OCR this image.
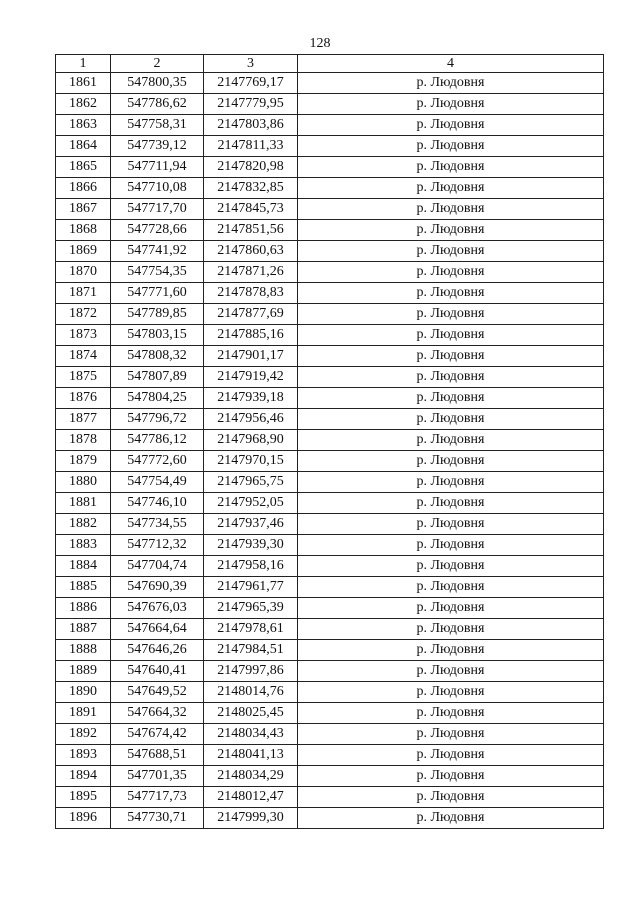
128
1	2	3	4
1861	547800,35	2147769,17	р. Людовня
1862	547786,62	2147779,95	р. Людовня
1863	547758,31	2147803,86	р. Людовня
1864	547739,12	2147811,33	р. Людовня
1865	547711,94	2147820,98	р. Людовня
1866	547710,08	2147832,85	р. Людовня
1867	547717,70	2147845,73	р. Людовня
1868	547728,66	2147851,56	р. Людовня
1869	547741,92	2147860,63	р. Людовня
1870	547754,35	2147871,26	р. Людовня
1871	547771,60	2147878,83	р. Людовня
1872	547789,85	2147877,69	р. Людовня
1873	547803,15	2147885,16	р. Людовня
1874	547808,32	2147901,17	р. Людовня
1875	547807,89	2147919,42	р. Людовня
1876	547804,25	2147939,18	р. Людовня
1877	547796,72	2147956,46	р. Людовня
1878	547786,12	2147968,90	р. Людовня
1879	547772,60	2147970,15	р. Людовня
1880	547754,49	2147965,75	р. Людовня
1881	547746,10	2147952,05	р. Людовня
1882	547734,55	2147937,46	р. Людовня
1883	547712,32	2147939,30	р. Людовня
1884	547704,74	2147958,16	р. Людовня
1885	547690,39	2147961,77	р. Людовня
1886	547676,03	2147965,39	р. Людовня
1887	547664,64	2147978,61	р. Людовня
1888	547646,26	2147984,51	р. Людовня
1889	547640,41	2147997,86	р. Людовня
1890	547649,52	2148014,76	р. Людовня
1891	547664,32	2148025,45	р. Людовня
1892	547674,42	2148034,43	р. Людовня
1893	547688,51	2148041,13	р. Людовня
1894	547701,35	2148034,29	р. Людовня
1895	547717,73	2148012,47	р. Людовня
1896	547730,71	2147999,30	р. Людовня
